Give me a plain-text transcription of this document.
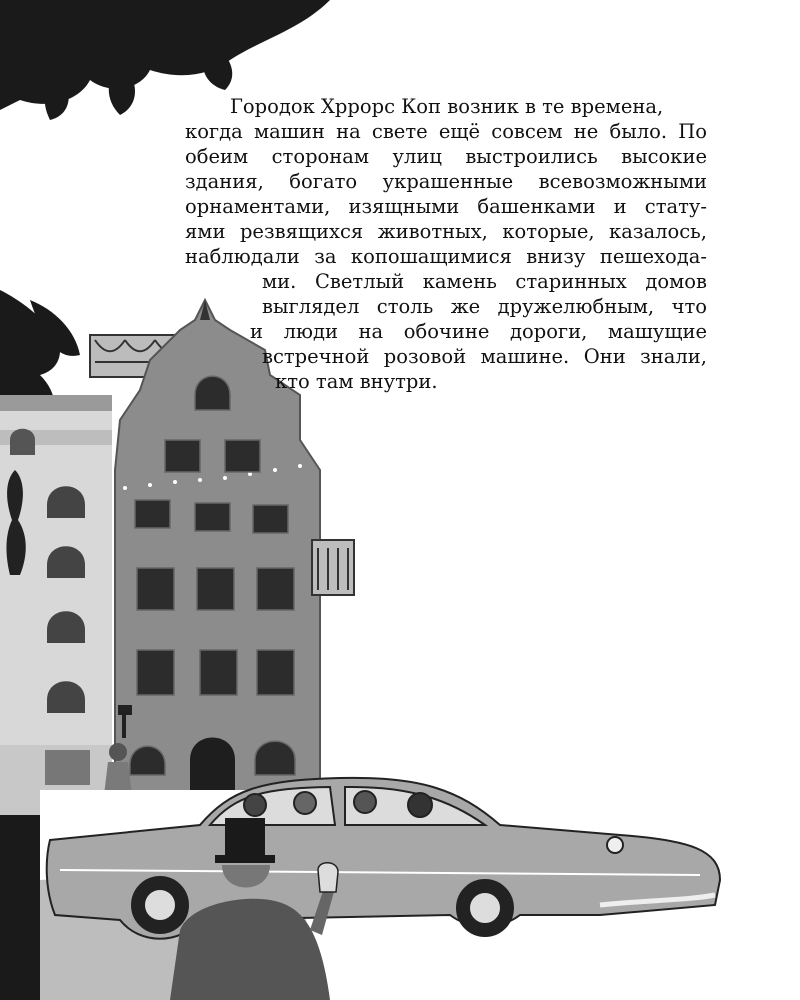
Городок Хррорс Коп возник в те времена,
когда машин на свете ещё совсем не было. По
обеим сторонам улиц выстроились высокие
здания, богато украшенные всевозможными
орнаментами, изящными башенками и стату-
ями резвящихся животных, которые, казалось,
наблюдали за копошащимися внизу пешехода-
ми. Светлый камень старинных домов
выглядел столь же дружелюбным, что
и люди на обочине дороги, машущие
встречной розовой машине. Они знали,
кто там внутри.
